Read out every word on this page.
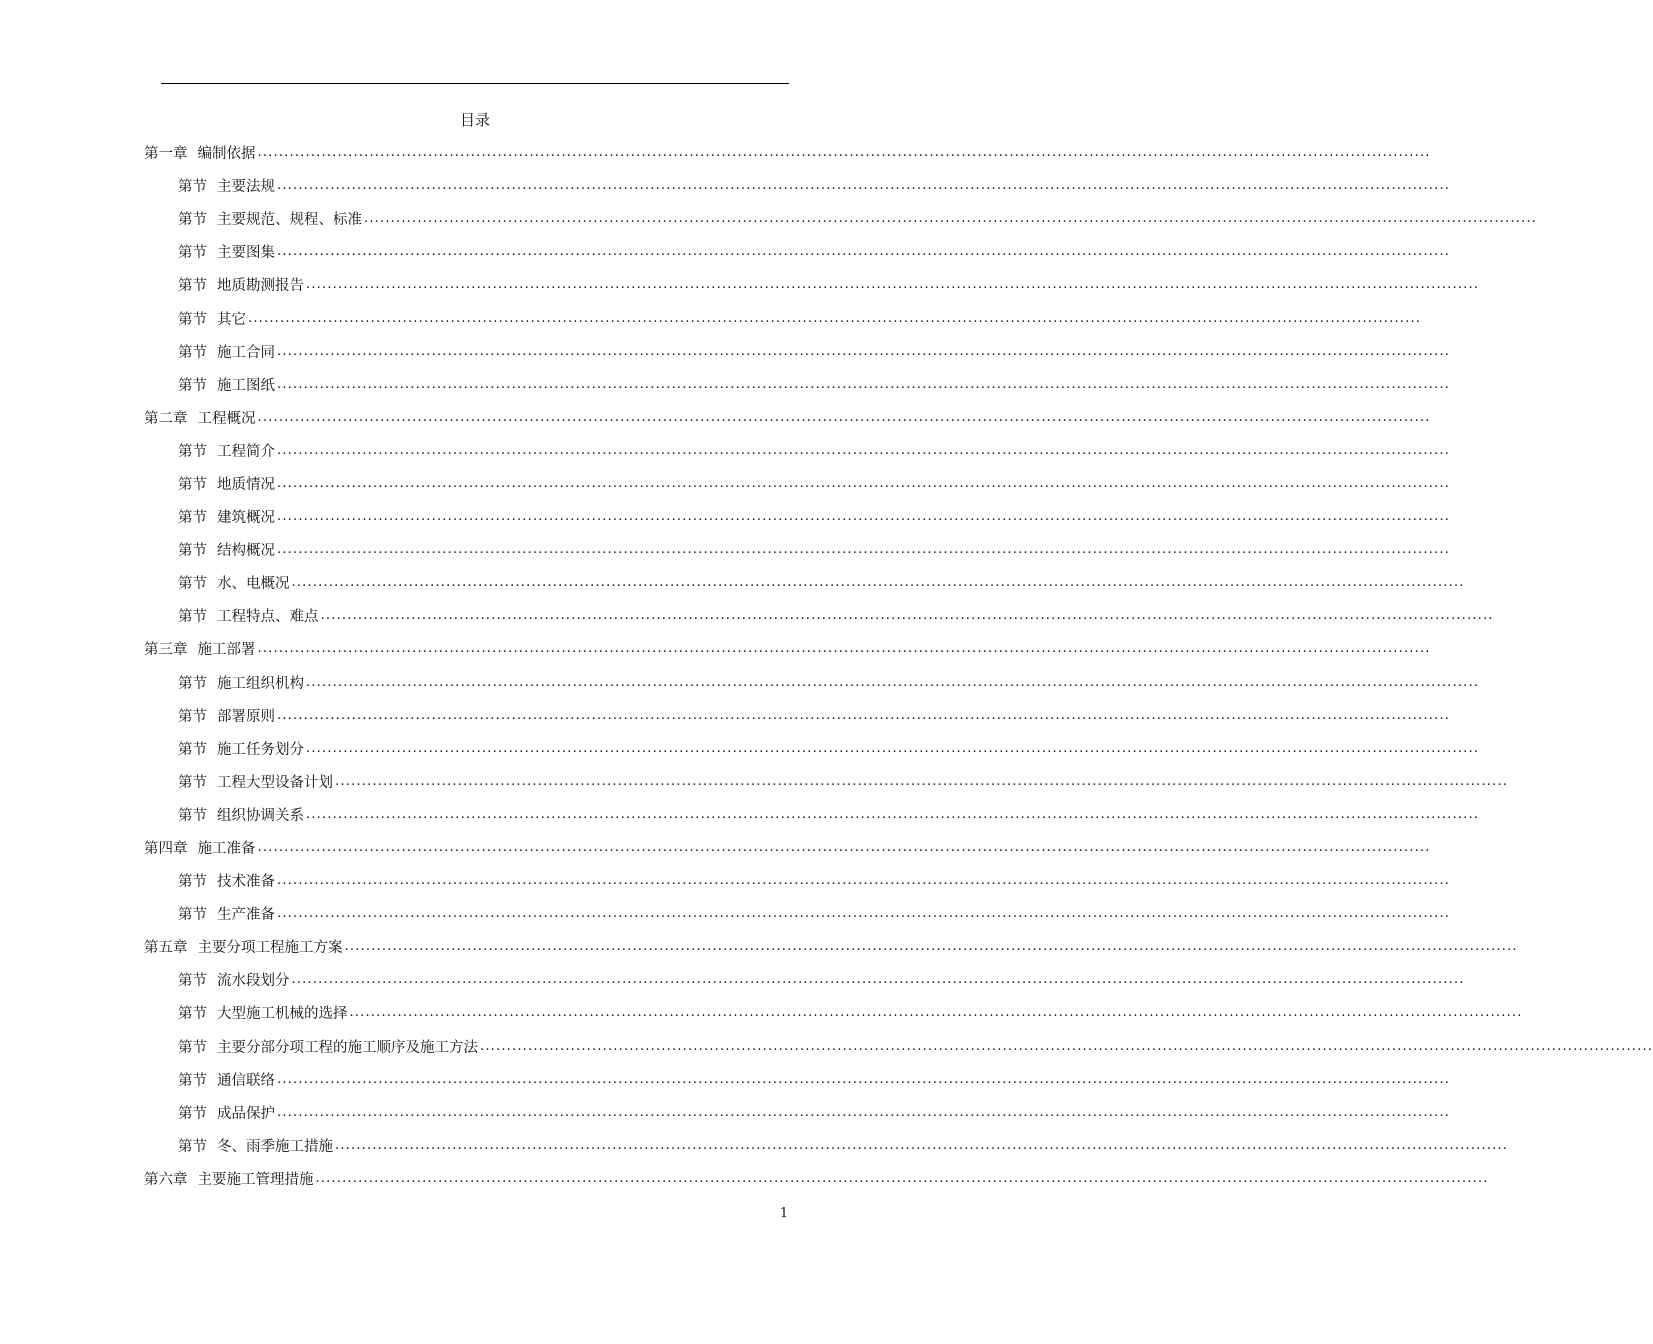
目录
第一章 编制依据 ............................................................................................................................................................................................................................
第节 主要法规 ............................................................................................................................................................................................................................
第节 主要规范、规程、标准 ............................................................................................................................................................................................................................
第节 主要图集 ............................................................................................................................................................................................................................
第节 地质勘测报告 ............................................................................................................................................................................................................................
第节 其它 ............................................................................................................................................................................................................................
第节 施工合同 ............................................................................................................................................................................................................................
第节 施工图纸 ............................................................................................................................................................................................................................
第二章 工程概况 ............................................................................................................................................................................................................................
第节 工程简介 ............................................................................................................................................................................................................................
第节 地质情况 ............................................................................................................................................................................................................................
第节 建筑概况 ............................................................................................................................................................................................................................
第节 结构概况 ............................................................................................................................................................................................................................
第节 水、电概况 ............................................................................................................................................................................................................................
第节 工程特点、难点 ............................................................................................................................................................................................................................
第三章 施工部署 ............................................................................................................................................................................................................................
第节 施工组织机构 ............................................................................................................................................................................................................................
第节 部署原则 ............................................................................................................................................................................................................................
第节 施工任务划分 ............................................................................................................................................................................................................................
第节 工程大型设备计划 ............................................................................................................................................................................................................................
第节 组织协调关系 ............................................................................................................................................................................................................................
第四章 施工准备 ............................................................................................................................................................................................................................
第节 技术准备 ............................................................................................................................................................................................................................
第节 生产准备 ............................................................................................................................................................................................................................
第五章 主要分项工程施工方案 ............................................................................................................................................................................................................................
第节 流水段划分 ............................................................................................................................................................................................................................
第节 大型施工机械的选择 ............................................................................................................................................................................................................................
第节 主要分部分项工程的施工顺序及施工方法 ............................................................................................................................................................................................................................
第节 通信联络 ............................................................................................................................................................................................................................
第节 成品保护 ............................................................................................................................................................................................................................
第节 冬、雨季施工措施 ............................................................................................................................................................................................................................
第六章 主要施工管理措施 ............................................................................................................................................................................................................................
1
